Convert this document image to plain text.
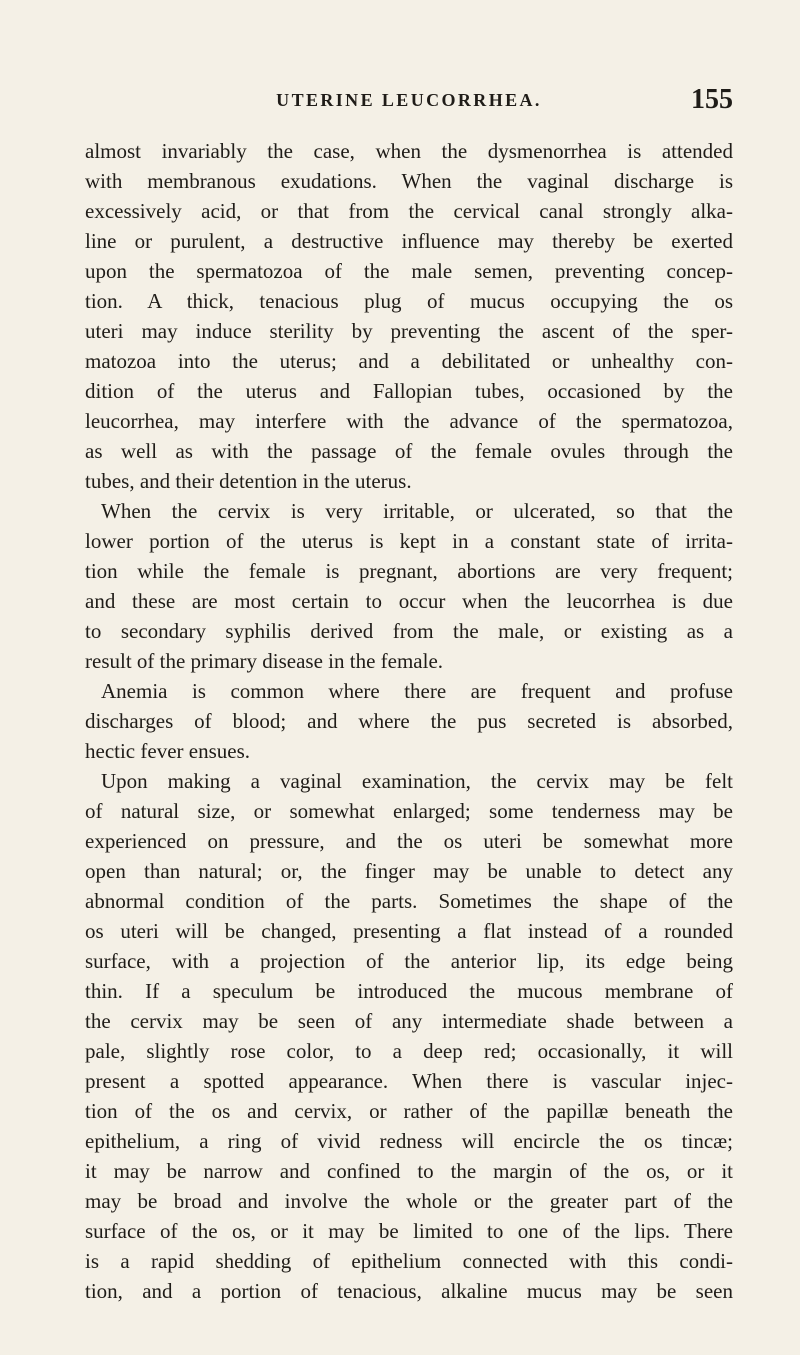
UTERINE LEUCORRHEA.	155
almost invariably the case, when the dysmenorrhea is attended
with membranous exudations. When the vaginal discharge is
excessively acid, or that from the cervical canal strongly alka-
line or purulent, a destructive influence may thereby be exerted
upon the spermatozoa of the male semen, preventing concep-
tion. A thick, tenacious plug of mucus occupying the os
uteri may induce sterility by preventing the ascent of the sper-
matozoa into the uterus; and a debilitated or unhealthy con-
dition of the uterus and Fallopian tubes, occasioned by the
leucorrhea, may interfere with the advance of the spermatozoa,
as well as with the passage of the female ovules through the
tubes, and their detention in the uterus.
When the cervix is very irritable, or ulcerated, so that the
lower portion of the uterus is kept in a constant state of irrita-
tion while the female is pregnant, abortions are very frequent;
and these are most certain to occur when the leucorrhea is due
to secondary syphilis derived from the male, or existing as a
result of the primary disease in the female.
Anemia is common where there are frequent and profuse
discharges of blood; and where the pus secreted is absorbed,
hectic fever ensues.
Upon making a vaginal examination, the cervix may be felt
of natural size, or somewhat enlarged; some tenderness may be
experienced on pressure, and the os uteri be somewhat more
open than natural; or, the finger may be unable to detect any
abnormal condition of the parts. Sometimes the shape of the
os uteri will be changed, presenting a flat instead of a rounded
surface, with a projection of the anterior lip, its edge being
thin. If a speculum be introduced the mucous membrane of
the cervix may be seen of any intermediate shade between a
pale, slightly rose color, to a deep red; occasionally, it will
present a spotted appearance. When there is vascular injec-
tion of the os and cervix, or rather of the papillæ beneath the
epithelium, a ring of vivid redness will encircle the os tincæ;
it may be narrow and confined to the margin of the os, or it
may be broad and involve the whole or the greater part of the
surface of the os, or it may be limited to one of the lips. There
is a rapid shedding of epithelium connected with this condi-
tion, and a portion of tenacious, alkaline mucus may be seen
